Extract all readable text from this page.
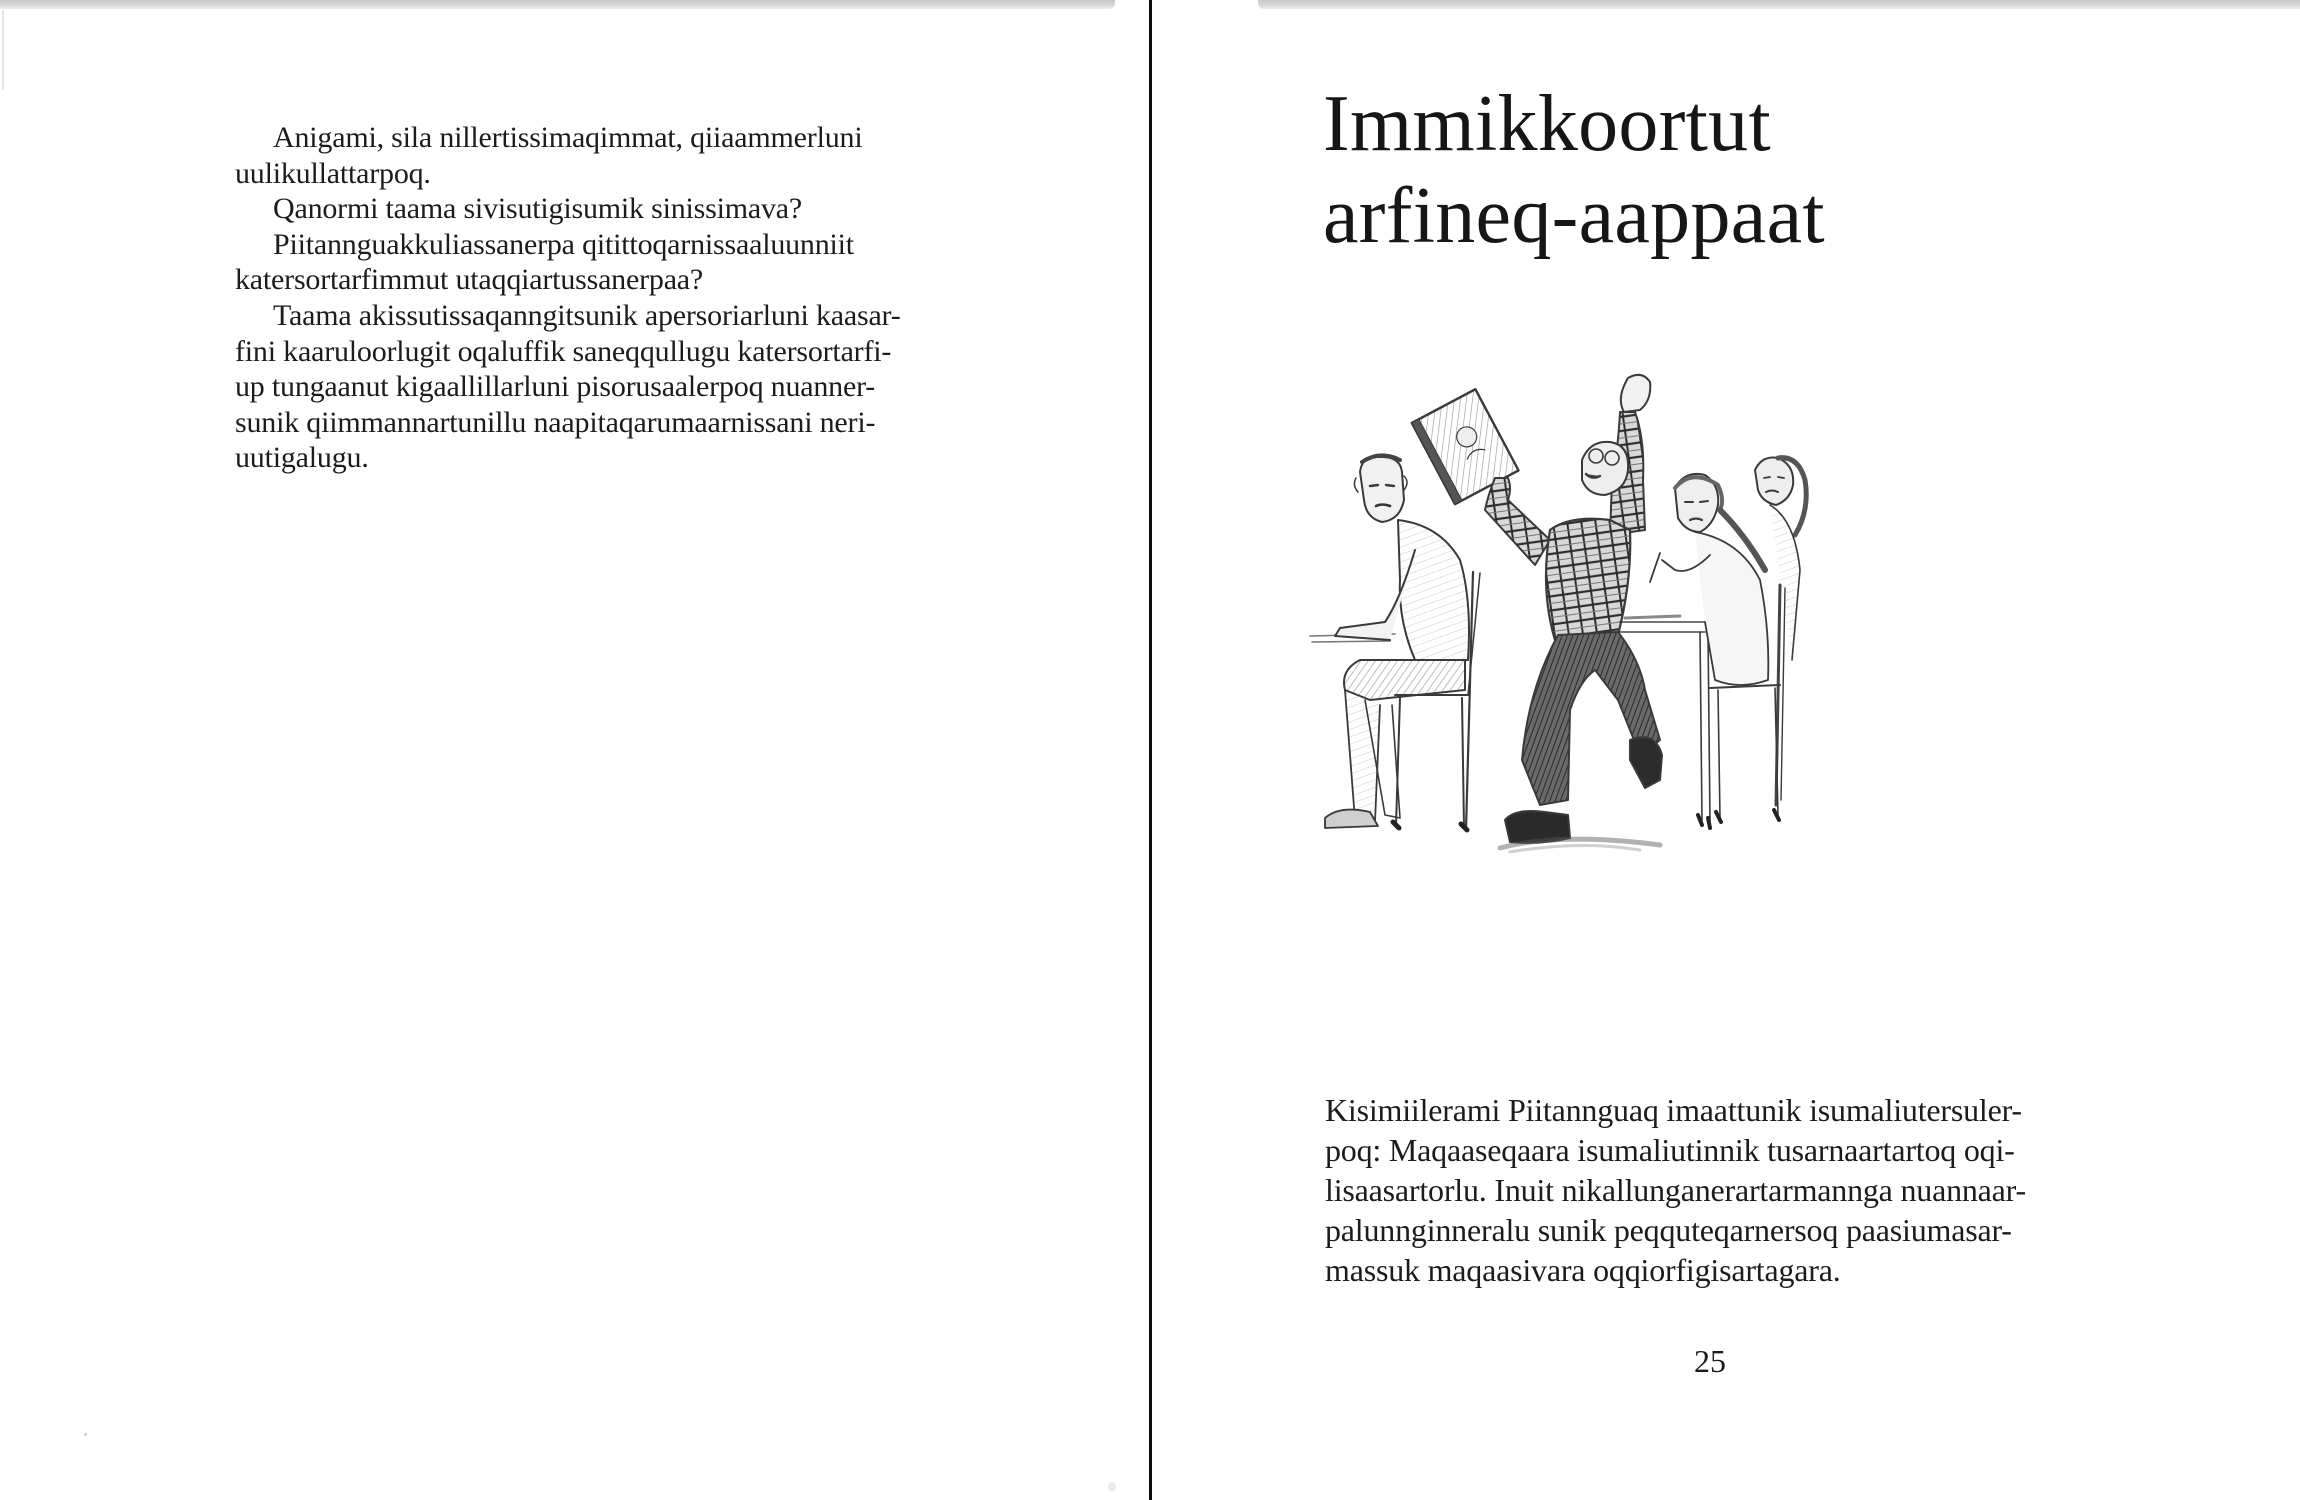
Anigami, sila nillertissimaqimmat, qiiaammerluni
uulikullattarpoq.

Qanormi taama sivisutigisumik sinissimava?

Piitannguakkuliassanerpa qitittoqarnissaaluunniit
katersortarfimmut utaqqiartussanerpaa?

Taama akissutissaqanngitsunik apersoriarluni kaasar-
fini kaaruloorlugit oqaluffik saneqqullugu katersortarfi-
up tungaanut kigaallillarluni pisorusaalerpoq nuanner-
sunik qiimmannartunillu naapitaqarumaarnissani neri-
uutigalugu.

Immikkoortut
arfineq-aappaat

Kisimiilerami Piitannguaq imaattunik isumaliutersuler-
poq: Maqaaseqaara isumaliutinnik tusarnaartartoq oqi-
lisaasartorlu. Inuit nikallunganerartarmannga nuannaar-
palunnginneralu sunik peqquteqarnersoq paasiumasar-
massuk maqaasivara oqqiorfigisartagara.

25
